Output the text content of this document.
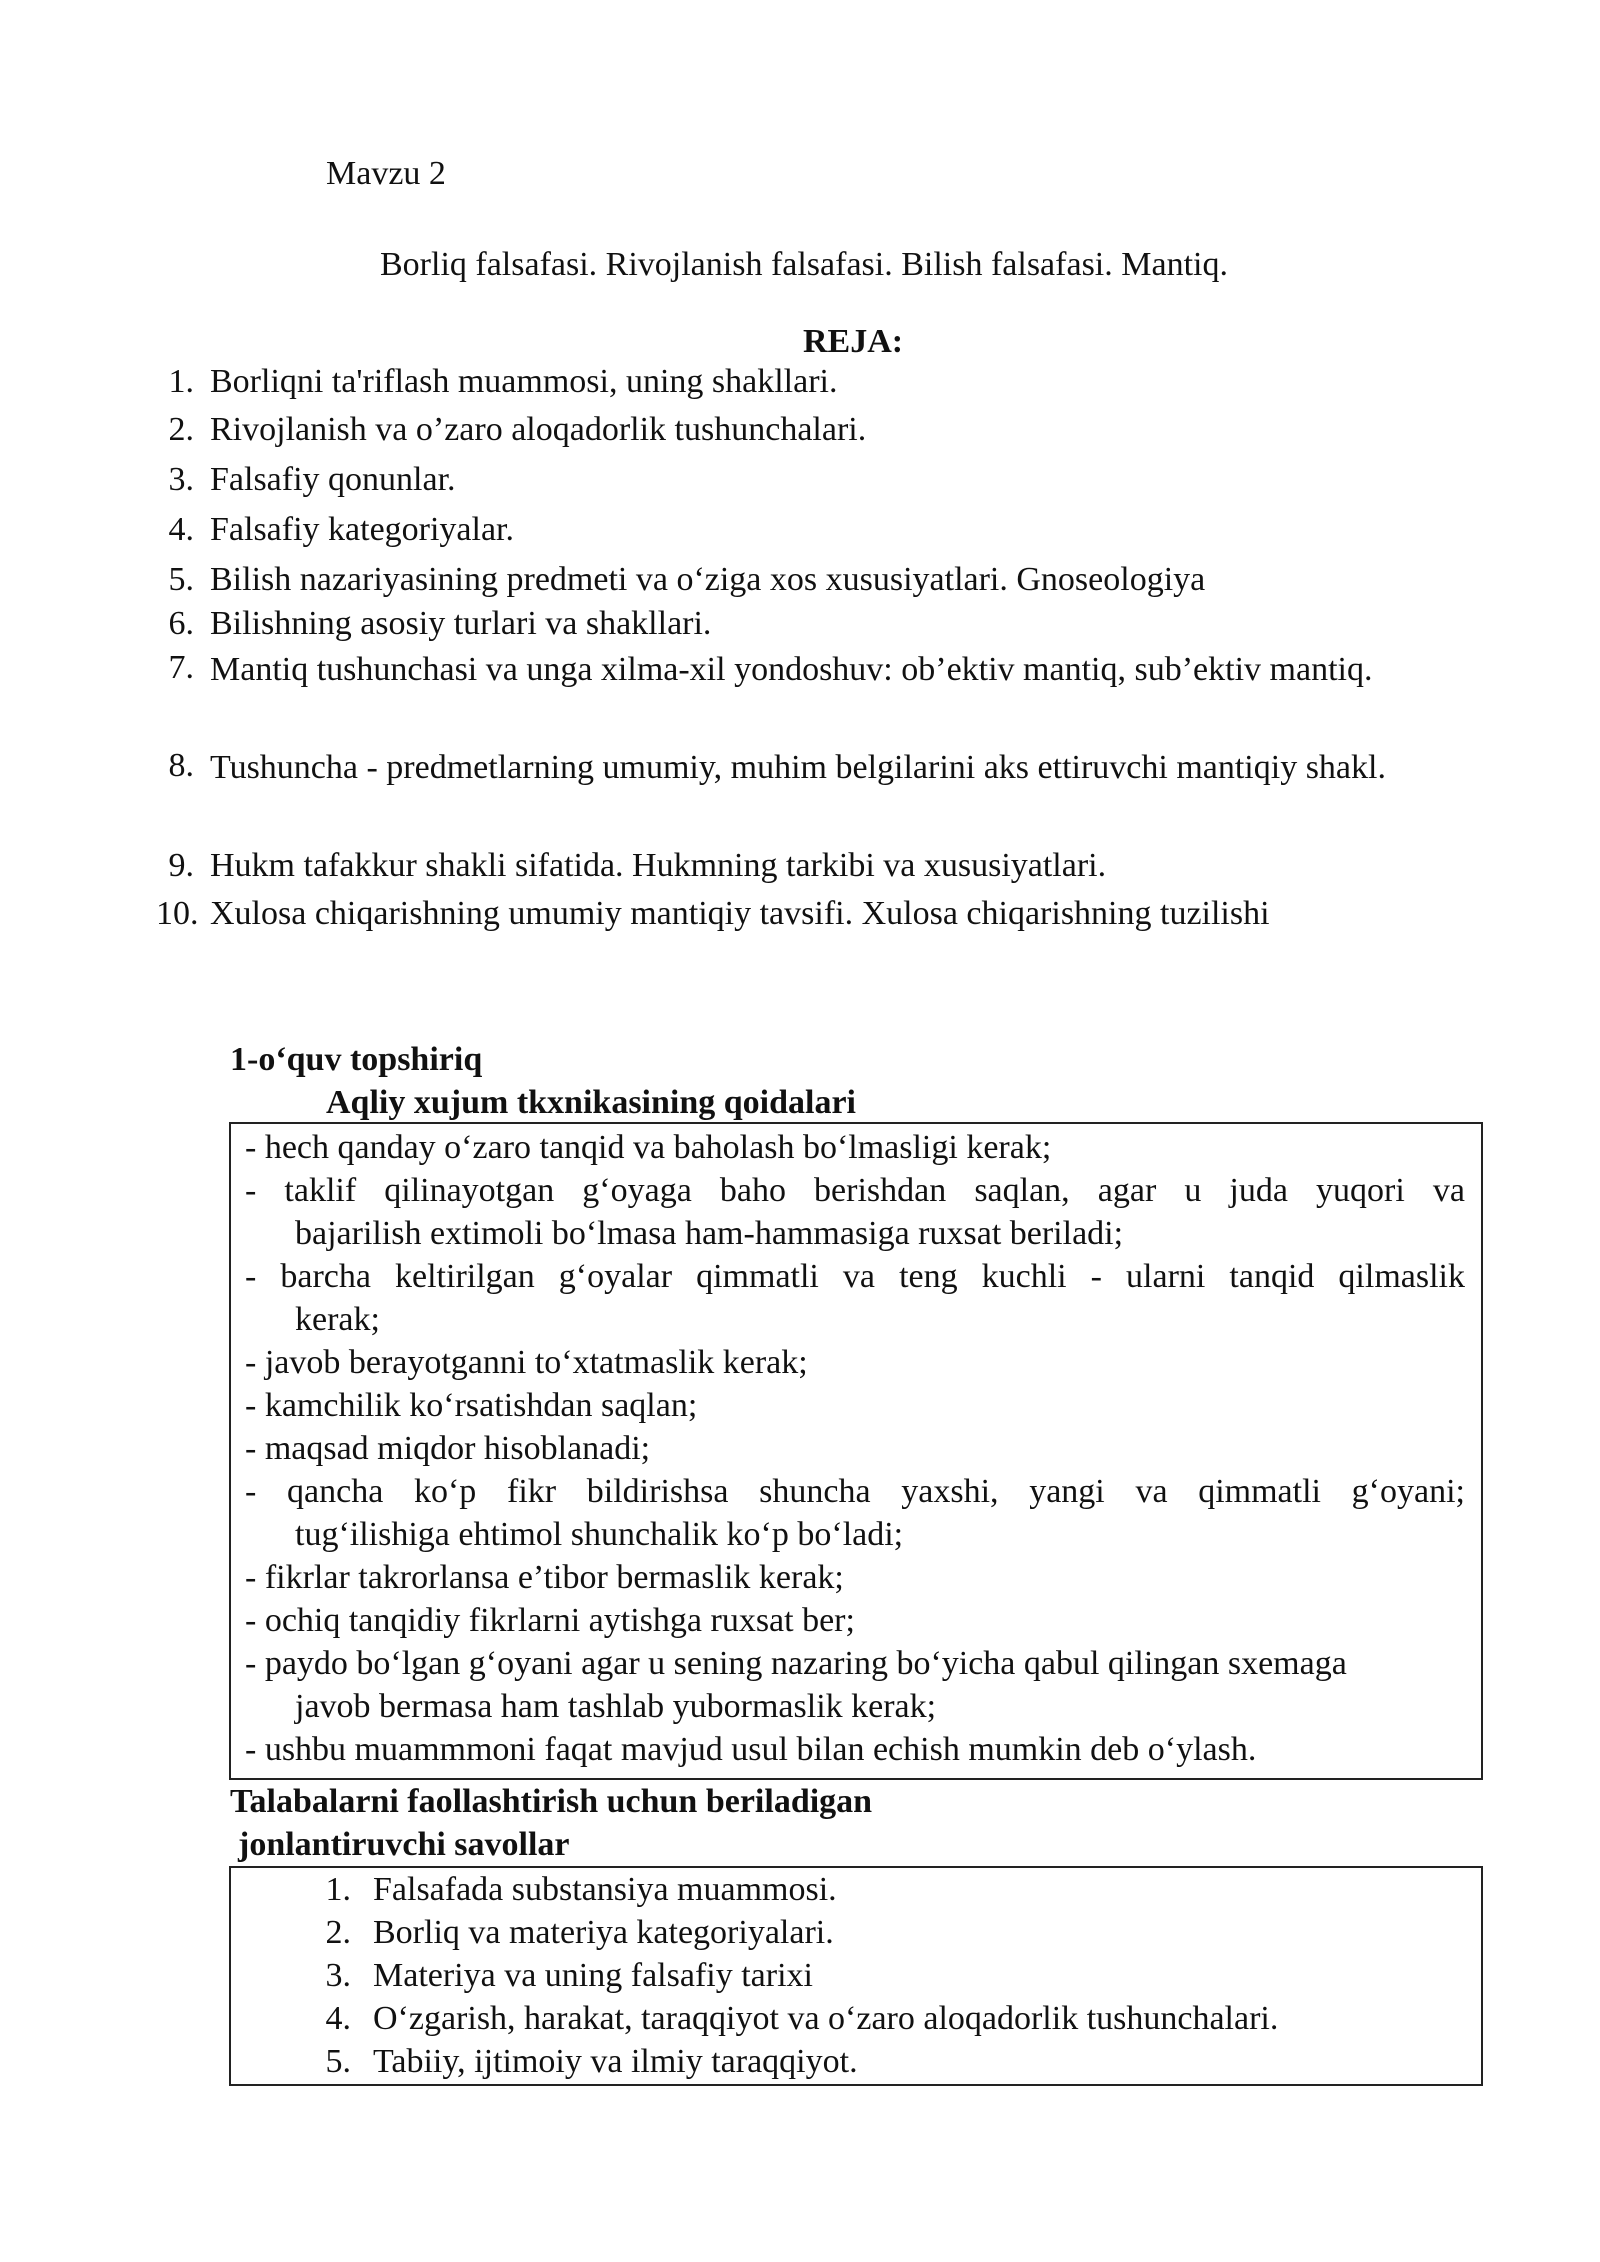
Mavzu 2
Borliq falsafasi. Rivojlanish falsafasi. Bilish falsafasi. Mantiq.
REJA:
1. Borliqni ta'riflash muammosi, uning shakllari.
2. Rivojlanish va o’zaro aloqadorlik tushunchalari.
3. Falsafiy qonunlar.
4. Falsafiy kategoriyalar.
5. Bilish nazariyasining predmeti va o‘ziga xos xususiyatlari. Gnoseologiya
6. Bilishning asosiy turlari va shakllari.
7. Mantiq tushunchasi va unga xilma-xil yondoshuv: ob’ektiv mantiq, sub’ektiv mantiq.
8. Tushuncha - predmetlarning umumiy, muhim belgilarini aks ettiruvchi mantiqiy shakl.
9. Hukm tafakkur shakli sifatida. Hukmning tarkibi va xususiyatlari.
10. Xulosa chiqarishning umumiy mantiqiy tavsifi. Xulosa chiqarishning tuzilishi
1-o‘quv topshiriq
Aqliy xujum tkxnikasining qoidalari
- hech qanday o‘zaro tanqid va baholash bo‘lmasligi kerak;
- taklif qilinayotgan g‘oyaga baho berishdan saqlan, agar u juda yuqori va
bajarilish extimoli bo‘lmasa ham-hammasiga ruxsat beriladi;
- barcha keltirilgan g‘oyalar qimmatli va teng kuchli - ularni tanqid qilmaslik
kerak;
- javob berayotganni to‘xtatmaslik kerak;
- kamchilik ko‘rsatishdan saqlan;
- maqsad miqdor hisoblanadi;
- qancha ko‘p fikr bildirishsa shuncha yaxshi, yangi va qimmatli g‘oyani;
tug‘ilishiga ehtimol shunchalik ko‘p bo‘ladi;
- fikrlar takrorlansa e’tibor bermaslik kerak;
- ochiq tanqidiy fikrlarni aytishga ruxsat ber;
- paydo bo‘lgan g‘oyani agar u sening nazaring bo‘yicha qabul qilingan sxemaga
javob bermasa ham tashlab yubormaslik kerak;
- ushbu muammmoni faqat mavjud usul bilan echish mumkin deb o‘ylash.
Talabalarni faollashtirish uchun beriladigan
jonlantiruvchi savollar
1. Falsafada substansiya muammosi.
2. Borliq va materiya kategoriyalari.
3. Materiya va uning falsafiy tarixi
4. O‘zgarish, harakat, taraqqiyot va o‘zaro aloqadorlik tushunchalari.
5. Tabiiy, ijtimoiy va ilmiy taraqqiyot.
